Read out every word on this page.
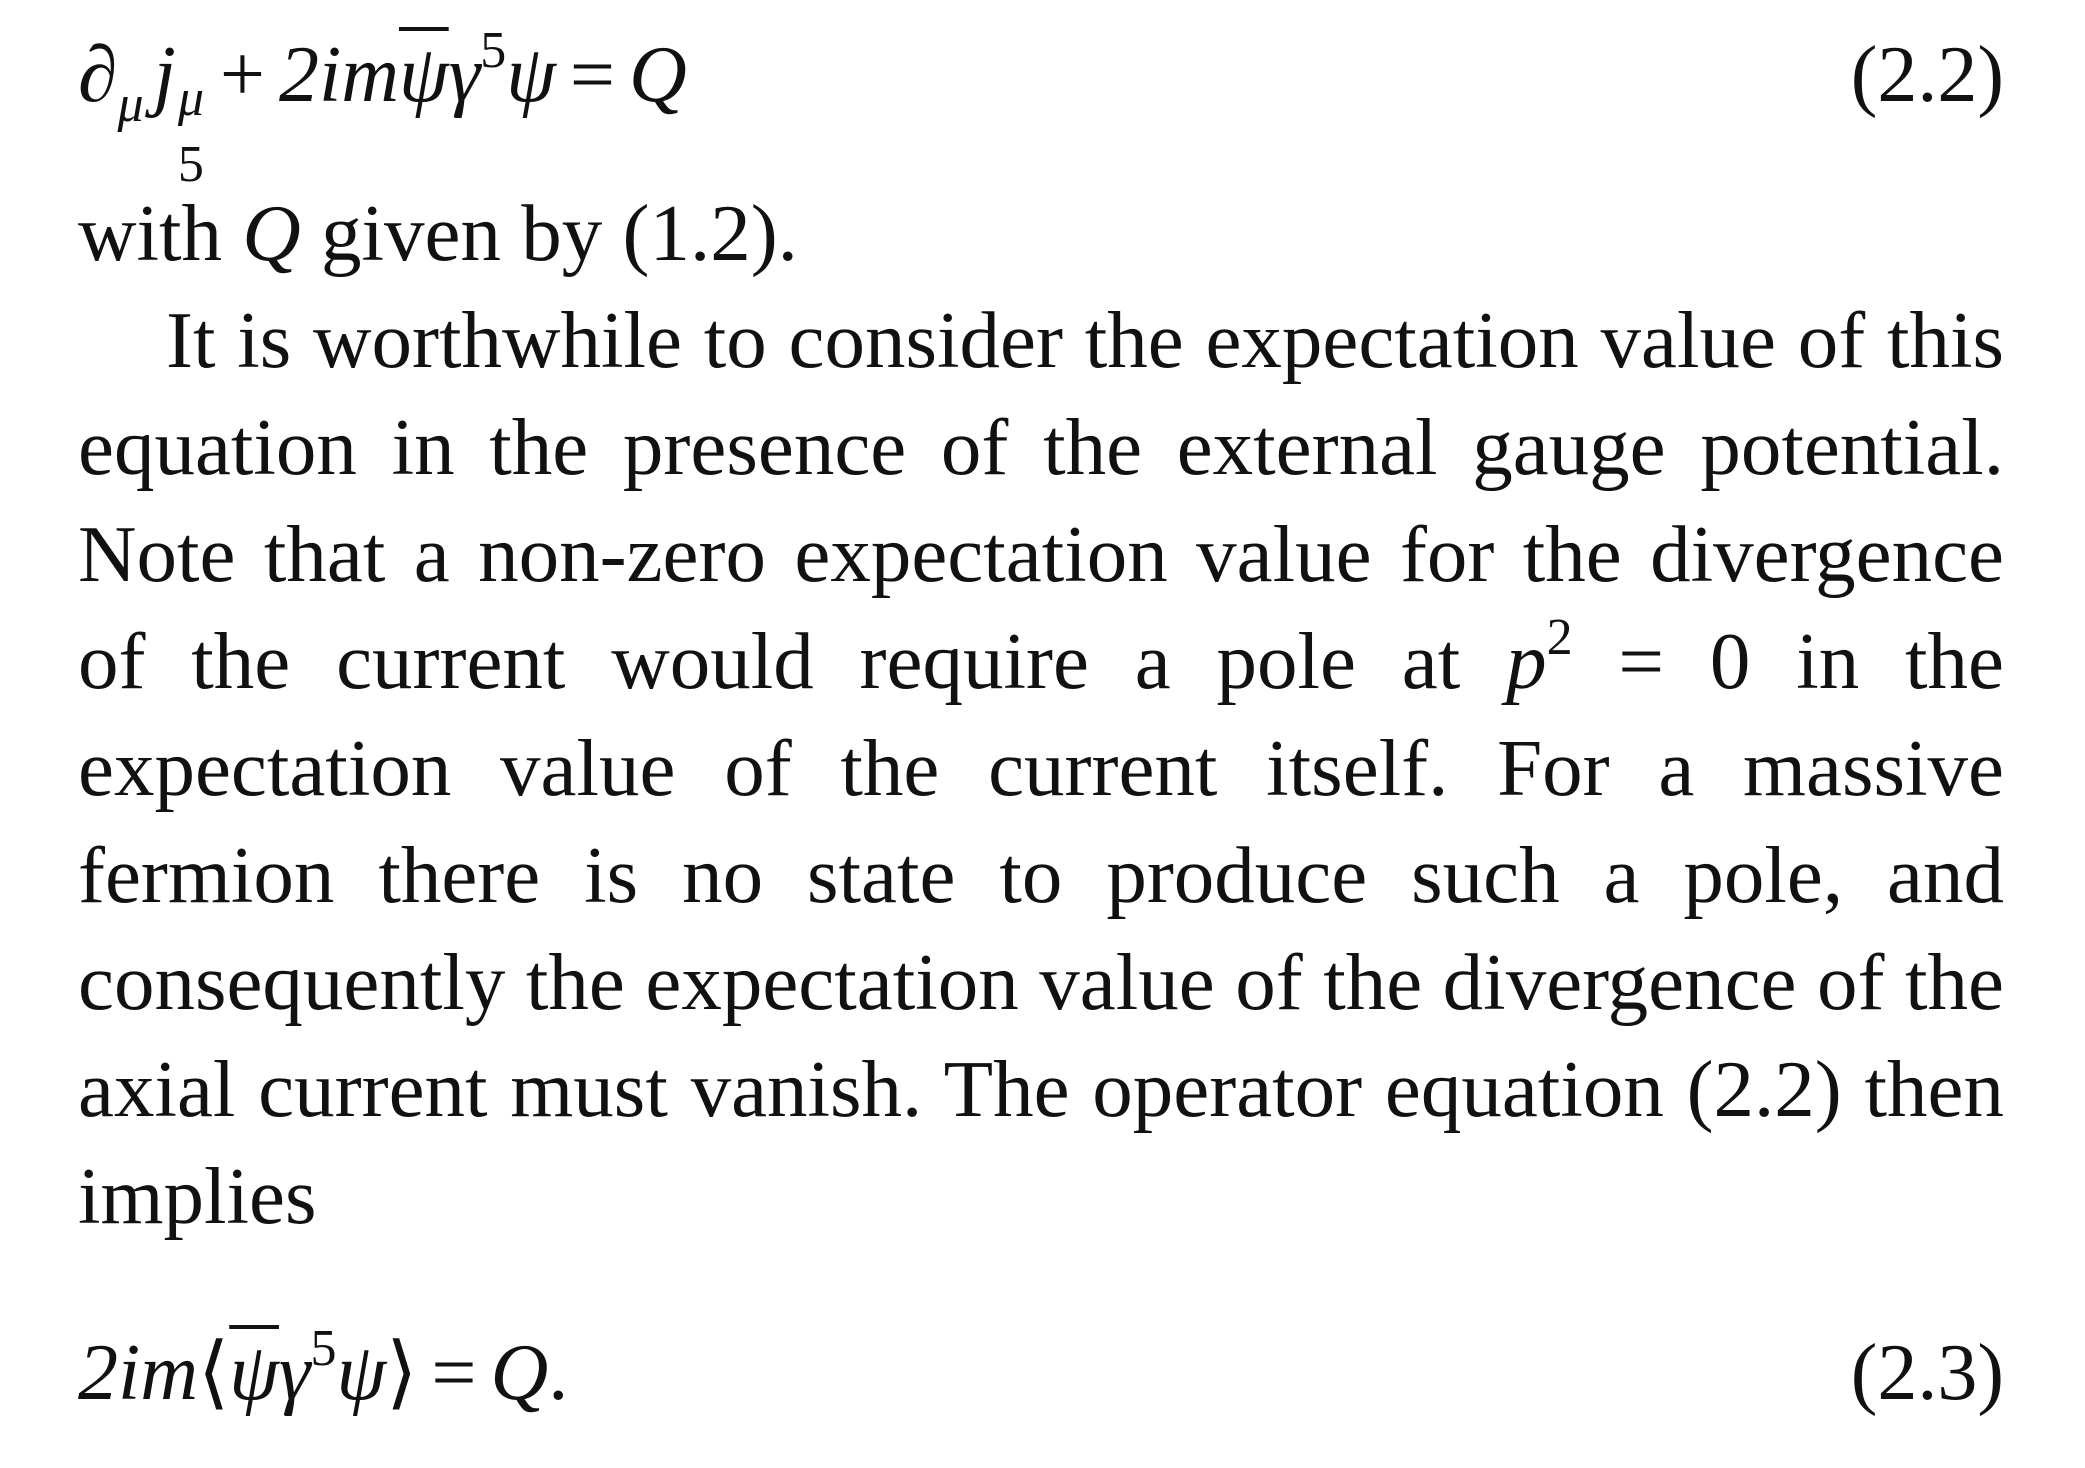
$\partial_\mu$ j μ
5
+ $2im\overline{\psi}\gamma^5\psi = Q$	(2.2)

with Q given by (1.2).

It is worthwhile to consider the expectation value of this equation in the presence of the external gauge potential. Note that a non-zero expectation value for the divergence of the current would require a pole at $p^2 = 0$ in the expectation value of the current itself. For a massive fermion there is no state to produce such a pole, and consequently the expectation value of the divergence of the axial current must vanish. The operator equation (2.2) then implies

$2im⟨\overline{\psi}\gamma^5\psi⟩ = Q$.	(2.3)
